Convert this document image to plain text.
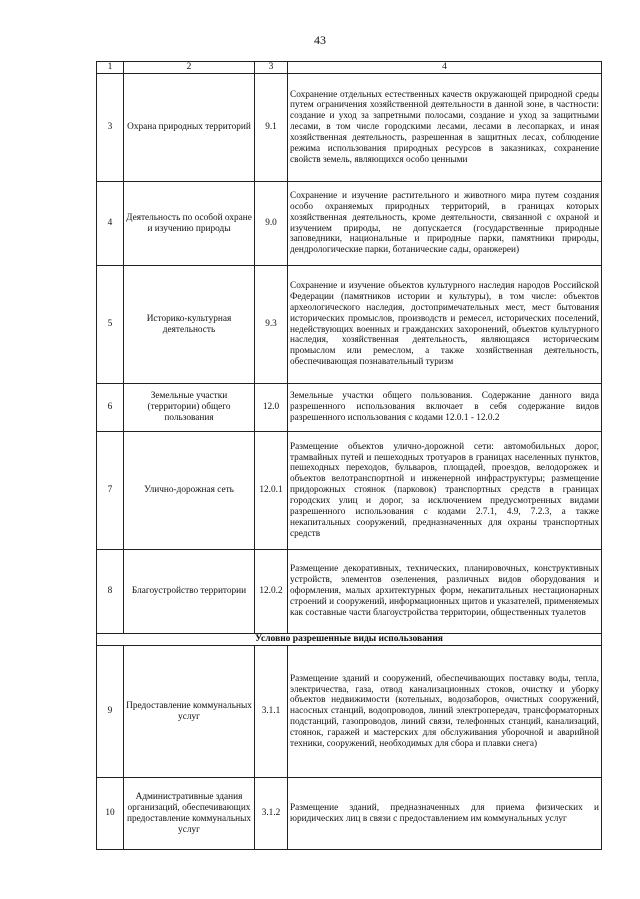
43
1	2	3	4
3	Охрана природных территорий	9.1	Сохранение отдельных естественных качеств окружающей природной среды путем ограничения хозяйственной деятельности в данной зоне, в частности: создание и уход за запретными полосами, создание и уход за защитными лесами, в том числе городскими лесами, лесами в лесопарках, и иная хозяйственная деятельность, разрешенная в защитных лесах, соблюдение режима использования природных ресурсов в заказниках, сохранение свойств земель, являющихся особо ценными
4	Деятельность по особой охране и изучению природы	9.0	Сохранение и изучение растительного и животного мира путем создания особо охраняемых природных территорий, в границах которых хозяйственная деятельность, кроме деятельности, связанной с охраной и изучением природы, не допускается (государственные природные заповедники, национальные и природные парки, памятники природы, дендрологические парки, ботанические сады, оранжереи)
5	Историко-культурная деятельность	9.3	Сохранение и изучение объектов культурного наследия народов Российской Федерации (памятников истории и культуры), в том числе: объектов археологического наследия, достопримечательных мест, мест бытования исторических промыслов, производств и ремесел, исторических поселений, недействующих военных и гражданских захоронений, объектов культурного наследия, хозяйственная деятельность, являющаяся историческим промыслом или ремеслом, а также хозяйственная деятельность, обеспечивающая познавательный туризм
6	Земельные участки (территории) общего пользования	12.0	Земельные участки общего пользования. Содержание данного вида разрешенного использования включает в себя содержание видов разрешенного использования с кодами 12.0.1 - 12.0.2
7	Улично-дорожная сеть	12.0.1	Размещение объектов улично-дорожной сети: автомобильных дорог, трамвайных путей и пешеходных тротуаров в границах населенных пунктов, пешеходных переходов, бульваров, площадей, проездов, велодорожек и объектов велотранспортной и инженерной инфраструктуры; размещение придорожных стоянок (парковок) транспортных средств в границах городских улиц и дорог, за исключением предусмотренных видами разрешенного использования с кодами 2.7.1, 4.9, 7.2.3, а также некапитальных сооружений, предназначенных для охраны транспортных средств
8	Благоустройство территории	12.0.2	Размещение декоративных, технических, планировочных, конструктивных устройств, элементов озеленения, различных видов оборудования и оформления, малых архитектурных форм, некапитальных нестационарных строений и сооружений, информационных щитов и указателей, применяемых как составные части благоустройства территории, общественных туалетов
Условно разрешенные виды использования			
9	Предоставление коммунальных услуг	3.1.1	Размещение зданий и сооружений, обеспечивающих поставку воды, тепла, электричества, газа, отвод канализационных стоков, очистку и уборку объектов недвижимости (котельных, водозаборов, очистных сооружений, насосных станций, водопроводов, линий электропередач, трансформаторных подстанций, газопроводов, линий связи, телефонных станций, канализаций, стоянок, гаражей и мастерских для обслуживания уборочной и аварийной техники, сооружений, необходимых для сбора и плавки снега)
10	Административные здания организаций, обеспечивающих предоставление коммунальных услуг	3.1.2	Размещение зданий, предназначенных для приема физических и юридических лиц в связи с предоставлением им коммунальных услуг
